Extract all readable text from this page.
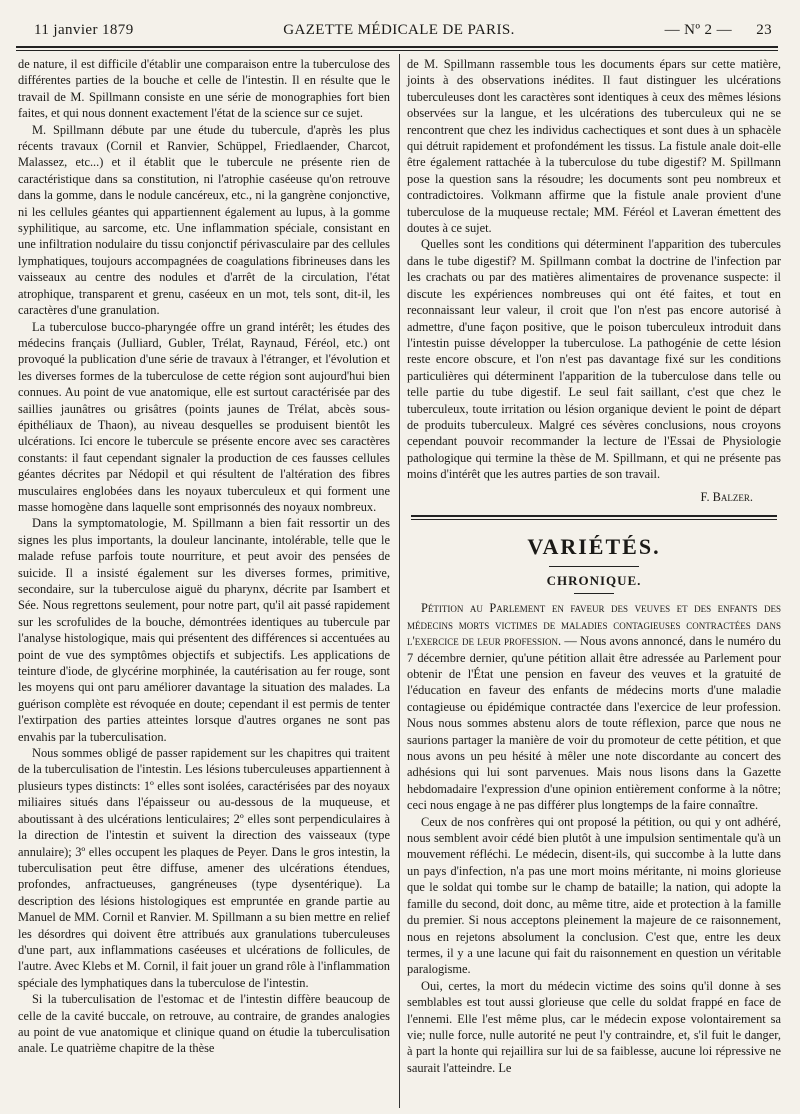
11 janvier 1879	GAZETTE MÉDICALE DE PARIS.	— Nº 2 — 23

de nature, il est difficile d'établir une comparaison entre la tuberculose des différentes parties de la bouche et celle de l'intestin. Il en résulte que le travail de M. Spillmann consiste en une série de monographies fort bien faites, et qui nous donnent exactement l'état de la science sur ce sujet.

M. Spillmann débute par une étude du tubercule, d'après les plus récents travaux (Cornil et Ranvier, Schüppel, Friedlaender, Charcot, Malassez, etc...) et il établit que le tubercule ne présente rien de caractéristique dans sa constitution, ni l'atrophie caséeuse qu'on retrouve dans la gomme, dans le nodule cancéreux, etc., ni la gangrène conjonctive, ni les cellules géantes qui appartiennent également au lupus, à la gomme syphilitique, au sarcome, etc. Une inflammation spéciale, consistant en une infiltration nodulaire du tissu conjonctif périvasculaire par des cellules lymphatiques, toujours accompagnées de coagulations fibrineuses dans les vaisseaux au centre des nodules et d'arrêt de la circulation, l'état atrophique, transparent et grenu, caséeux en un mot, tels sont, dit-il, les caractères d'une granulation.

La tuberculose bucco-pharyngée offre un grand intérêt; les études des médecins français (Julliard, Gubler, Trélat, Raynaud, Féréol, etc.) ont provoqué la publication d'une série de travaux à l'étranger, et l'évolution et les diverses formes de la tuberculose de cette région sont aujourd'hui bien connues. Au point de vue anatomique, elle est surtout caractérisée par des saillies jaunâtres ou grisâtres (points jaunes de Trélat, abcès sous-épithéliaux de Thaon), au niveau desquelles se produisent bientôt les ulcérations. Ici encore le tubercule se présente encore avec ses caractères constants: il faut cependant signaler la production de ces fausses cellules géantes décrites par Nédopil et qui résultent de l'altération des fibres musculaires englobées dans les noyaux tuberculeux et qui forment une masse homogène dans laquelle sont emprisonnés des noyaux nombreux.

Dans la symptomatologie, M. Spillmann a bien fait ressortir un des signes les plus importants, la douleur lancinante, intolérable, telle que le malade refuse parfois toute nourriture, et peut avoir des pensées de suicide. Il a insisté également sur les diverses formes, primitive, secondaire, sur la tuberculose aiguë du pharynx, décrite par Isambert et Sée. Nous regrettons seulement, pour notre part, qu'il ait passé rapidement sur les scrofulides de la bouche, démontrées identiques au tubercule par l'analyse histologique, mais qui présentent des différences si accentuées au point de vue des symptômes objectifs et subjectifs. Les applications de teinture d'iode, de glycérine morphinée, la cautérisation au fer rouge, sont les moyens qui ont paru améliorer davantage la situation des malades. La guérison complète est révoquée en doute; cependant il est permis de tenter l'extirpation des parties atteintes lorsque d'autres organes ne sont pas envahis par la tuberculisation.

Nous sommes obligé de passer rapidement sur les chapitres qui traitent de la tuberculisation de l'intestin. Les lésions tuberculeuses appartiennent à plusieurs types distincts: 1º elles sont isolées, caractérisées par des noyaux miliaires situés dans l'épaisseur ou au-dessous de la muqueuse, et aboutissant à des ulcérations lenticulaires; 2º elles sont perpendiculaires à la direction de l'intestin et suivent la direction des vaisseaux (type annulaire); 3º elles occupent les plaques de Peyer. Dans le gros intestin, la tuberculisation peut être diffuse, amener des ulcérations étendues, profondes, anfractueuses, gangréneuses (type dysentérique). La description des lésions histologiques est empruntée en grande partie au Manuel de MM. Cornil et Ranvier. M. Spillmann a su bien mettre en relief les désordres qui doivent être attribués aux granulations tuberculeuses d'une part, aux inflammations caséeuses et ulcérations de follicules, de l'autre. Avec Klebs et M. Cornil, il fait jouer un grand rôle à l'inflammation spéciale des lymphatiques dans la tuberculose de l'intestin.

Si la tuberculisation de l'estomac et de l'intestin diffère beaucoup de celle de la cavité buccale, on retrouve, au contraire, de grandes analogies au point de vue anatomique et clinique quand on étudie la tuberculisation anale. Le quatrième chapitre de la thèse

de M. Spillmann rassemble tous les documents épars sur cette matière, joints à des observations inédites. Il faut distinguer les ulcérations tuberculeuses dont les caractères sont identiques à ceux des mêmes lésions observées sur la langue, et les ulcérations des tuberculeux qui ne se rencontrent que chez les individus cachectiques et sont dues à un sphacèle qui détruit rapidement et profondément les tissus. La fistule anale doit-elle être également rattachée à la tuberculose du tube digestif? M. Spillmann pose la question sans la résoudre; les documents sont peu nombreux et contradictoires. Volkmann affirme que la fistule anale provient d'une tuberculose de la muqueuse rectale; MM. Féréol et Laveran émettent des doutes à ce sujet.

Quelles sont les conditions qui déterminent l'apparition des tubercules dans le tube digestif? M. Spillmann combat la doctrine de l'infection par les crachats ou par des matières alimentaires de provenance suspecte: il discute les expériences nombreuses qui ont été faites, et tout en reconnaissant leur valeur, il croit que l'on n'est pas encore autorisé à admettre, d'une façon positive, que le poison tuberculeux introduit dans l'intestin puisse développer la tuberculose. La pathogénie de cette lésion reste encore obscure, et l'on n'est pas davantage fixé sur les conditions particulières qui déterminent l'apparition de la tuberculose dans telle ou telle partie du tube digestif. Le seul fait saillant, c'est que chez le tuberculeux, toute irritation ou lésion organique devient le point de départ de produits tuberculeux. Malgré ces sévères conclusions, nous croyons cependant pouvoir recommander la lecture de l'Essai de Physiologie pathologique qui termine la thèse de M. Spillmann, et qui ne présente pas moins d'intérêt que les autres parties de son travail.

F. Balzer.
VARIÉTÉS.
CHRONIQUE.

Pétition au Parlement en faveur des veuves et des enfants des médecins morts victimes de maladies contagieuses contractées dans l'exercice de leur profession. — Nous avons annoncé, dans le numéro du 7 décembre dernier, qu'une pétition allait être adressée au Parlement pour obtenir de l'État une pension en faveur des veuves et la gratuité de l'éducation en faveur des enfants de médecins morts d'une maladie contagieuse ou épidémique contractée dans l'exercice de leur profession. Nous nous sommes abstenu alors de toute réflexion, parce que nous ne saurions partager la manière de voir du promoteur de cette pétition, et que nous avons un peu hésité à mêler une note discordante au concert des adhésions qui lui sont parvenues. Mais nous lisons dans la Gazette hebdomadaire l'expression d'une opinion entièrement conforme à la nôtre; ceci nous engage à ne pas différer plus longtemps de la faire connaître.

Ceux de nos confrères qui ont proposé la pétition, ou qui y ont adhéré, nous semblent avoir cédé bien plutôt à une impulsion sentimentale qu'à un mouvement réfléchi. Le médecin, disent-ils, qui succombe à la lutte dans un pays d'infection, n'a pas une mort moins méritante, ni moins glorieuse que le soldat qui tombe sur le champ de bataille; la nation, qui adopte la famille du second, doit donc, au même titre, aide et protection à la famille du premier. Si nous acceptons pleinement la majeure de ce raisonnement, nous en rejetons absolument la conclusion. C'est que, entre les deux termes, il y a une lacune qui fait du raisonnement en question un véritable paralogisme.

Oui, certes, la mort du médecin victime des soins qu'il donne à ses semblables est tout aussi glorieuse que celle du soldat frappé en face de l'ennemi. Elle l'est même plus, car le médecin expose volontairement sa vie; nulle force, nulle autorité ne peut l'y contraindre, et, s'il fuit le danger, à part la honte qui rejaillira sur lui de sa faiblesse, aucune loi répressive ne saurait l'atteindre. Le
